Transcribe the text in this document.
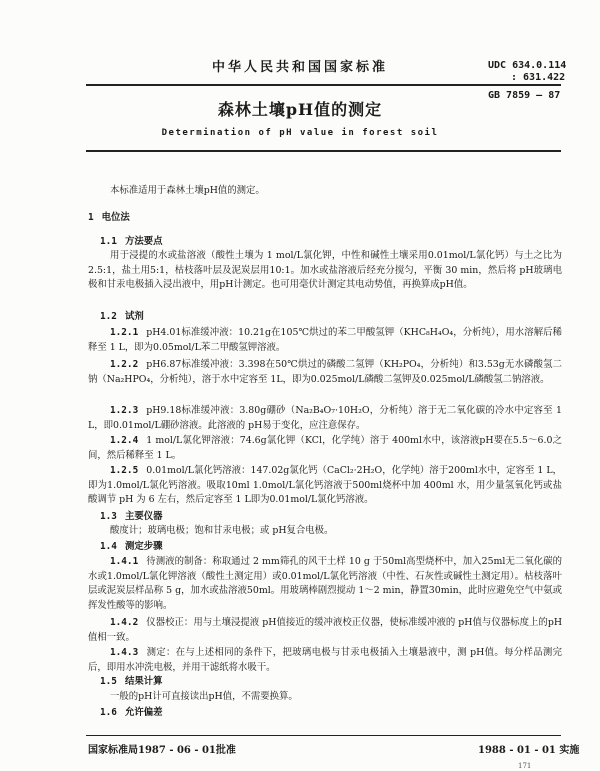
中华人民共和国国家标准	UDC 634.0.114
: 631.422
GB 7859 — 87
森林土壤pH值的测定
Determination of pH value in forest soil
本标准适用于森林土壤pH值的测定。
1 电位法
1.1 方法要点
用于浸提的水或盐溶液（酸性土壤为 1 mol/L氯化钾，中性和碱性土壤采用0.01mol/L氯化钙）与土之比为2.5:1，盐土用5:1，枯枝落叶层及泥炭层用10:1。加水或盐溶液后经充分搅匀，平衡 30 min，然后将 pH玻璃电极和甘汞电极插入浸出液中，用pH计测定。也可用毫伏计测定其电动势值，再换算成pH值。
1.2 试剂
1.2.1 pH4.01标准缓冲液：10.21g在105℃烘过的苯二甲酸氢钾（KHC₈H₄O₄，分析纯），用水溶解后稀释至 1 L，即为0.05mol/L苯二甲酸氢钾溶液。
1.2.2 pH6.87标准缓冲液：3.398在50℃烘过的磷酸二氢钾（KH₂PO₄，分析纯）和3.53g无水磷酸氢二钠（Na₂HPO₄，分析纯），溶于水中定容至 1L，即为0.025mol/L磷酸二氢钾及0.025mol/L磷酸氢二钠溶液。
1.2.3 pH9.18标准缓冲液：3.80g硼砂（Na₂B₄O₇·10H₂O，分析纯）溶于无二氧化碳的冷水中定容至 1 L，即0.01mol/L硼砂溶液。此溶液的 pH易于变化，应注意保存。
1.2.4 1 mol/L氯化钾溶液：74.6g氯化钾（KCl，化学纯）溶于 400ml水中，该溶液pH要在5.5～6.0之间，然后稀释至 1 L。
1.2.5 0.01mol/L氯化钙溶液：147.02g氯化钙（CaCl₂·2H₂O，化学纯）溶于200ml水中，定容至 1 L，即为1.0mol/L氯化钙溶液。吸取10ml 1.0mol/L氯化钙溶液于500ml烧杯中加 400ml 水，用少量氢氧化钙或盐酸调节 pH 为 6 左右，然后定容至 1 L即为0.01mol/L氯化钙溶液。
1.3 主要仪器
酸度计；玻璃电极；饱和甘汞电极；或 pH复合电极。
1.4 测定步骤
1.4.1 待测液的制备：称取通过 2 mm筛孔的风干土样 10 g 于50ml高型烧杯中，加入25ml无二氧化碳的水或1.0mol/L氯化钾溶液（酸性土测定用）或0.01mol/L氯化钙溶液（中性、石灰性或碱性土测定用）。枯枝落叶层或泥炭层样品称 5 g，加水或盐溶液50ml。用玻璃棒剧烈搅动 1～2 min，静置30min，此时应避免空气中氨或挥发性酸等的影响。
1.4.2 仪器校正：用与土壤浸提液 pH值接近的缓冲液校正仪器，使标准缓冲液的 pH值与仪器标度上的pH值相一致。
1.4.3 测定：在与上述相同的条件下，把玻璃电极与甘汞电极插入土壤悬液中，测 pH值。每分样品测完后，即用水冲洗电极，并用干滤纸将水吸干。
1.5 结果计算
一般的pH计可直接读出pH值，不需要换算。
1.6 允许偏差
国家标准局1987 - 06 - 01批准	1988 - 01 - 01 实施
171
